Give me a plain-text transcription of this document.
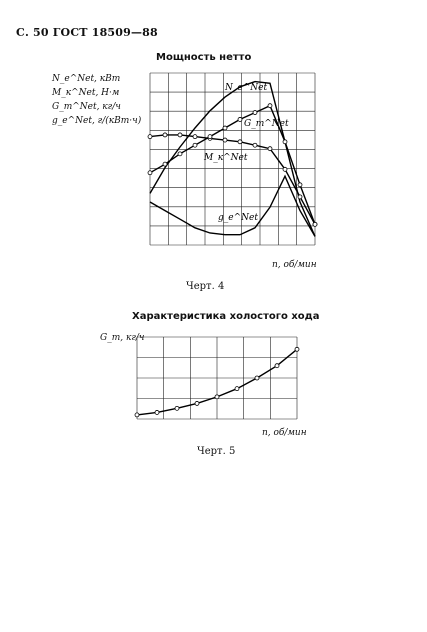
С. 50 ГОСТ 18509—88
Мощность нетто
N_e^Net, кВт
M_к^Net, Н·м
G_т^Net, кг/ч
g_e^Net, г/(кВт·ч)
N_e^Net
G_т^Net
M_к^Net
g_e^Net
n, об/мин
Черт. 4
Характеристика холостого хода
G_т, кг/ч
n, об/мин
Черт. 5
